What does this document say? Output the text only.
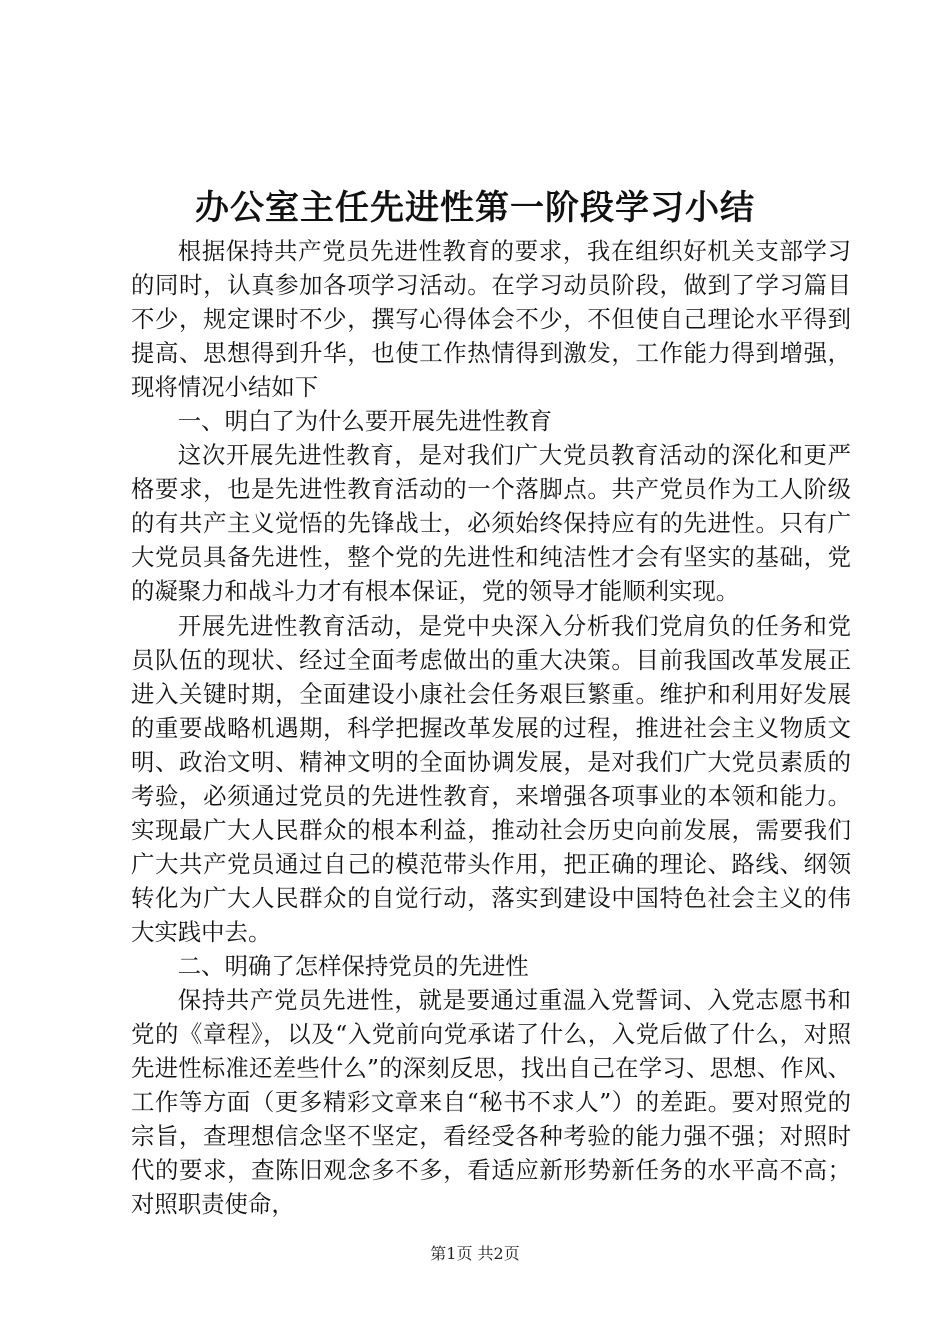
办公室主任先进性第一阶段学习小结

根据保持共产党员先进性教育的要求，我在组织好机关支部学习的同时，认真参加各项学习活动。在学习动员阶段，做到了学习篇目不少，规定课时不少，撰写心得体会不少，不但使自己理论水平得到提高、思想得到升华，也使工作热情得到激发，工作能力得到增强，现将情况小结如下

一、明白了为什么要开展先进性教育

这次开展先进性教育，是对我们广大党员教育活动的深化和更严格要求，也是先进性教育活动的一个落脚点。共产党员作为工人阶级的有共产主义觉悟的先锋战士，必须始终保持应有的先进性。只有广大党员具备先进性，整个党的先进性和纯洁性才会有坚实的基础，党的凝聚力和战斗力才有根本保证，党的领导才能顺利实现。

开展先进性教育活动，是党中央深入分析我们党肩负的任务和党员队伍的现状、经过全面考虑做出的重大决策。目前我国改革发展正进入关键时期，全面建设小康社会任务艰巨繁重。维护和利用好发展的重要战略机遇期，科学把握改革发展的过程，推进社会主义物质文明、政治文明、精神文明的全面协调发展，是对我们广大党员素质的考验，必须通过党员的先进性教育，来增强各项事业的本领和能力。实现最广大人民群众的根本利益，推动社会历史向前发展，需要我们广大共产党员通过自己的模范带头作用，把正确的理论、路线、纲领转化为广大人民群众的自觉行动，落实到建设中国特色社会主义的伟大实践中去。

二、明确了怎样保持党员的先进性

保持共产党员先进性，就是要通过重温入党誓词、入党志愿书和党的《章程》，以及“入党前向党承诺了什么，入党后做了什么，对照先进性标准还差些什么”的深刻反思，找出自己在学习、思想、作风、工作等方面（更多精彩文章来自“秘书不求人”）的差距。要对照党的宗旨，查理想信念坚不坚定，看经受各种考验的能力强不强；对照时代的要求，查陈旧观念多不多，看适应新形势新任务的水平高不高；对照职责使命，

第1页 共2页
